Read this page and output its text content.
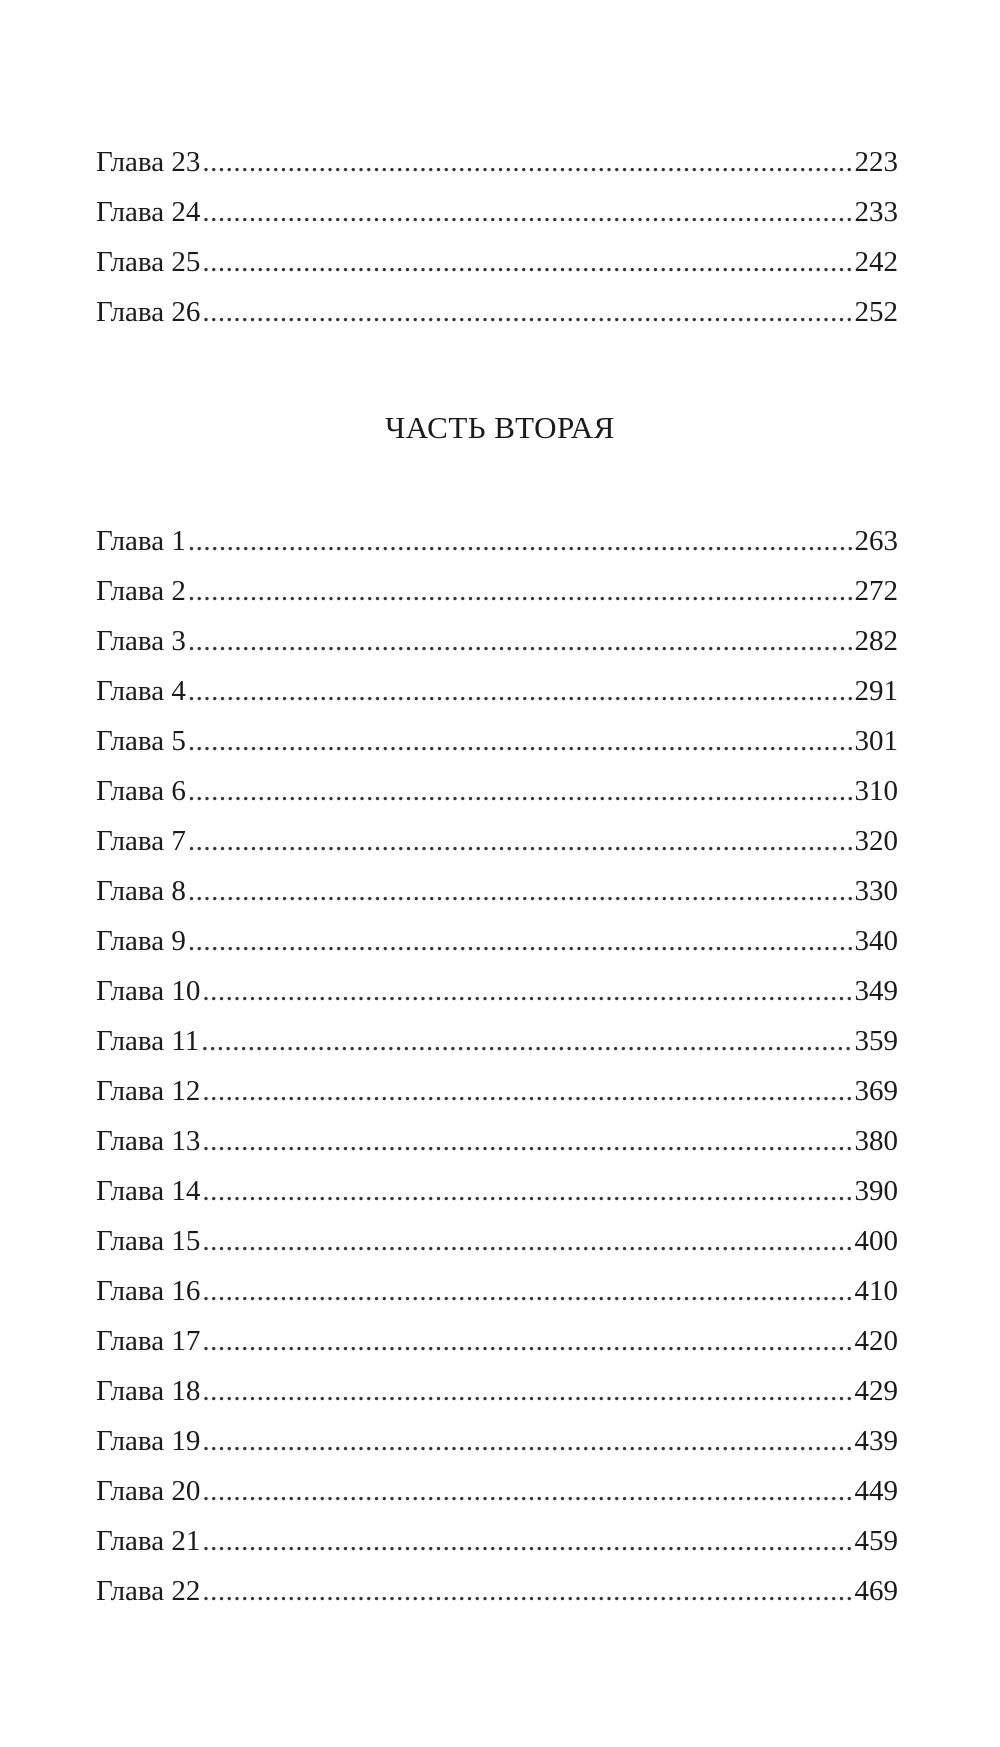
Глава 23 .....	223
Глава 24 .....	233
Глава 25 .....	242
Глава 26 .....	252
ЧАСТЬ ВТОРАЯ
Глава 1 .....	263
Глава 2 .....	272
Глава 3 .....	282
Глава 4 .....	291
Глава 5 .....	301
Глава 6 .....	310
Глава 7 .....	320
Глава 8 .....	330
Глава 9 .....	340
Глава 10 .....	349
Глава 11 .....	359
Глава 12 .....	369
Глава 13 .....	380
Глава 14 .....	390
Глава 15 .....	400
Глава 16 .....	410
Глава 17 .....	420
Глава 18 .....	429
Глава 19 .....	439
Глава 20 .....	449
Глава 21 .....	459
Глава 22 .....	469
